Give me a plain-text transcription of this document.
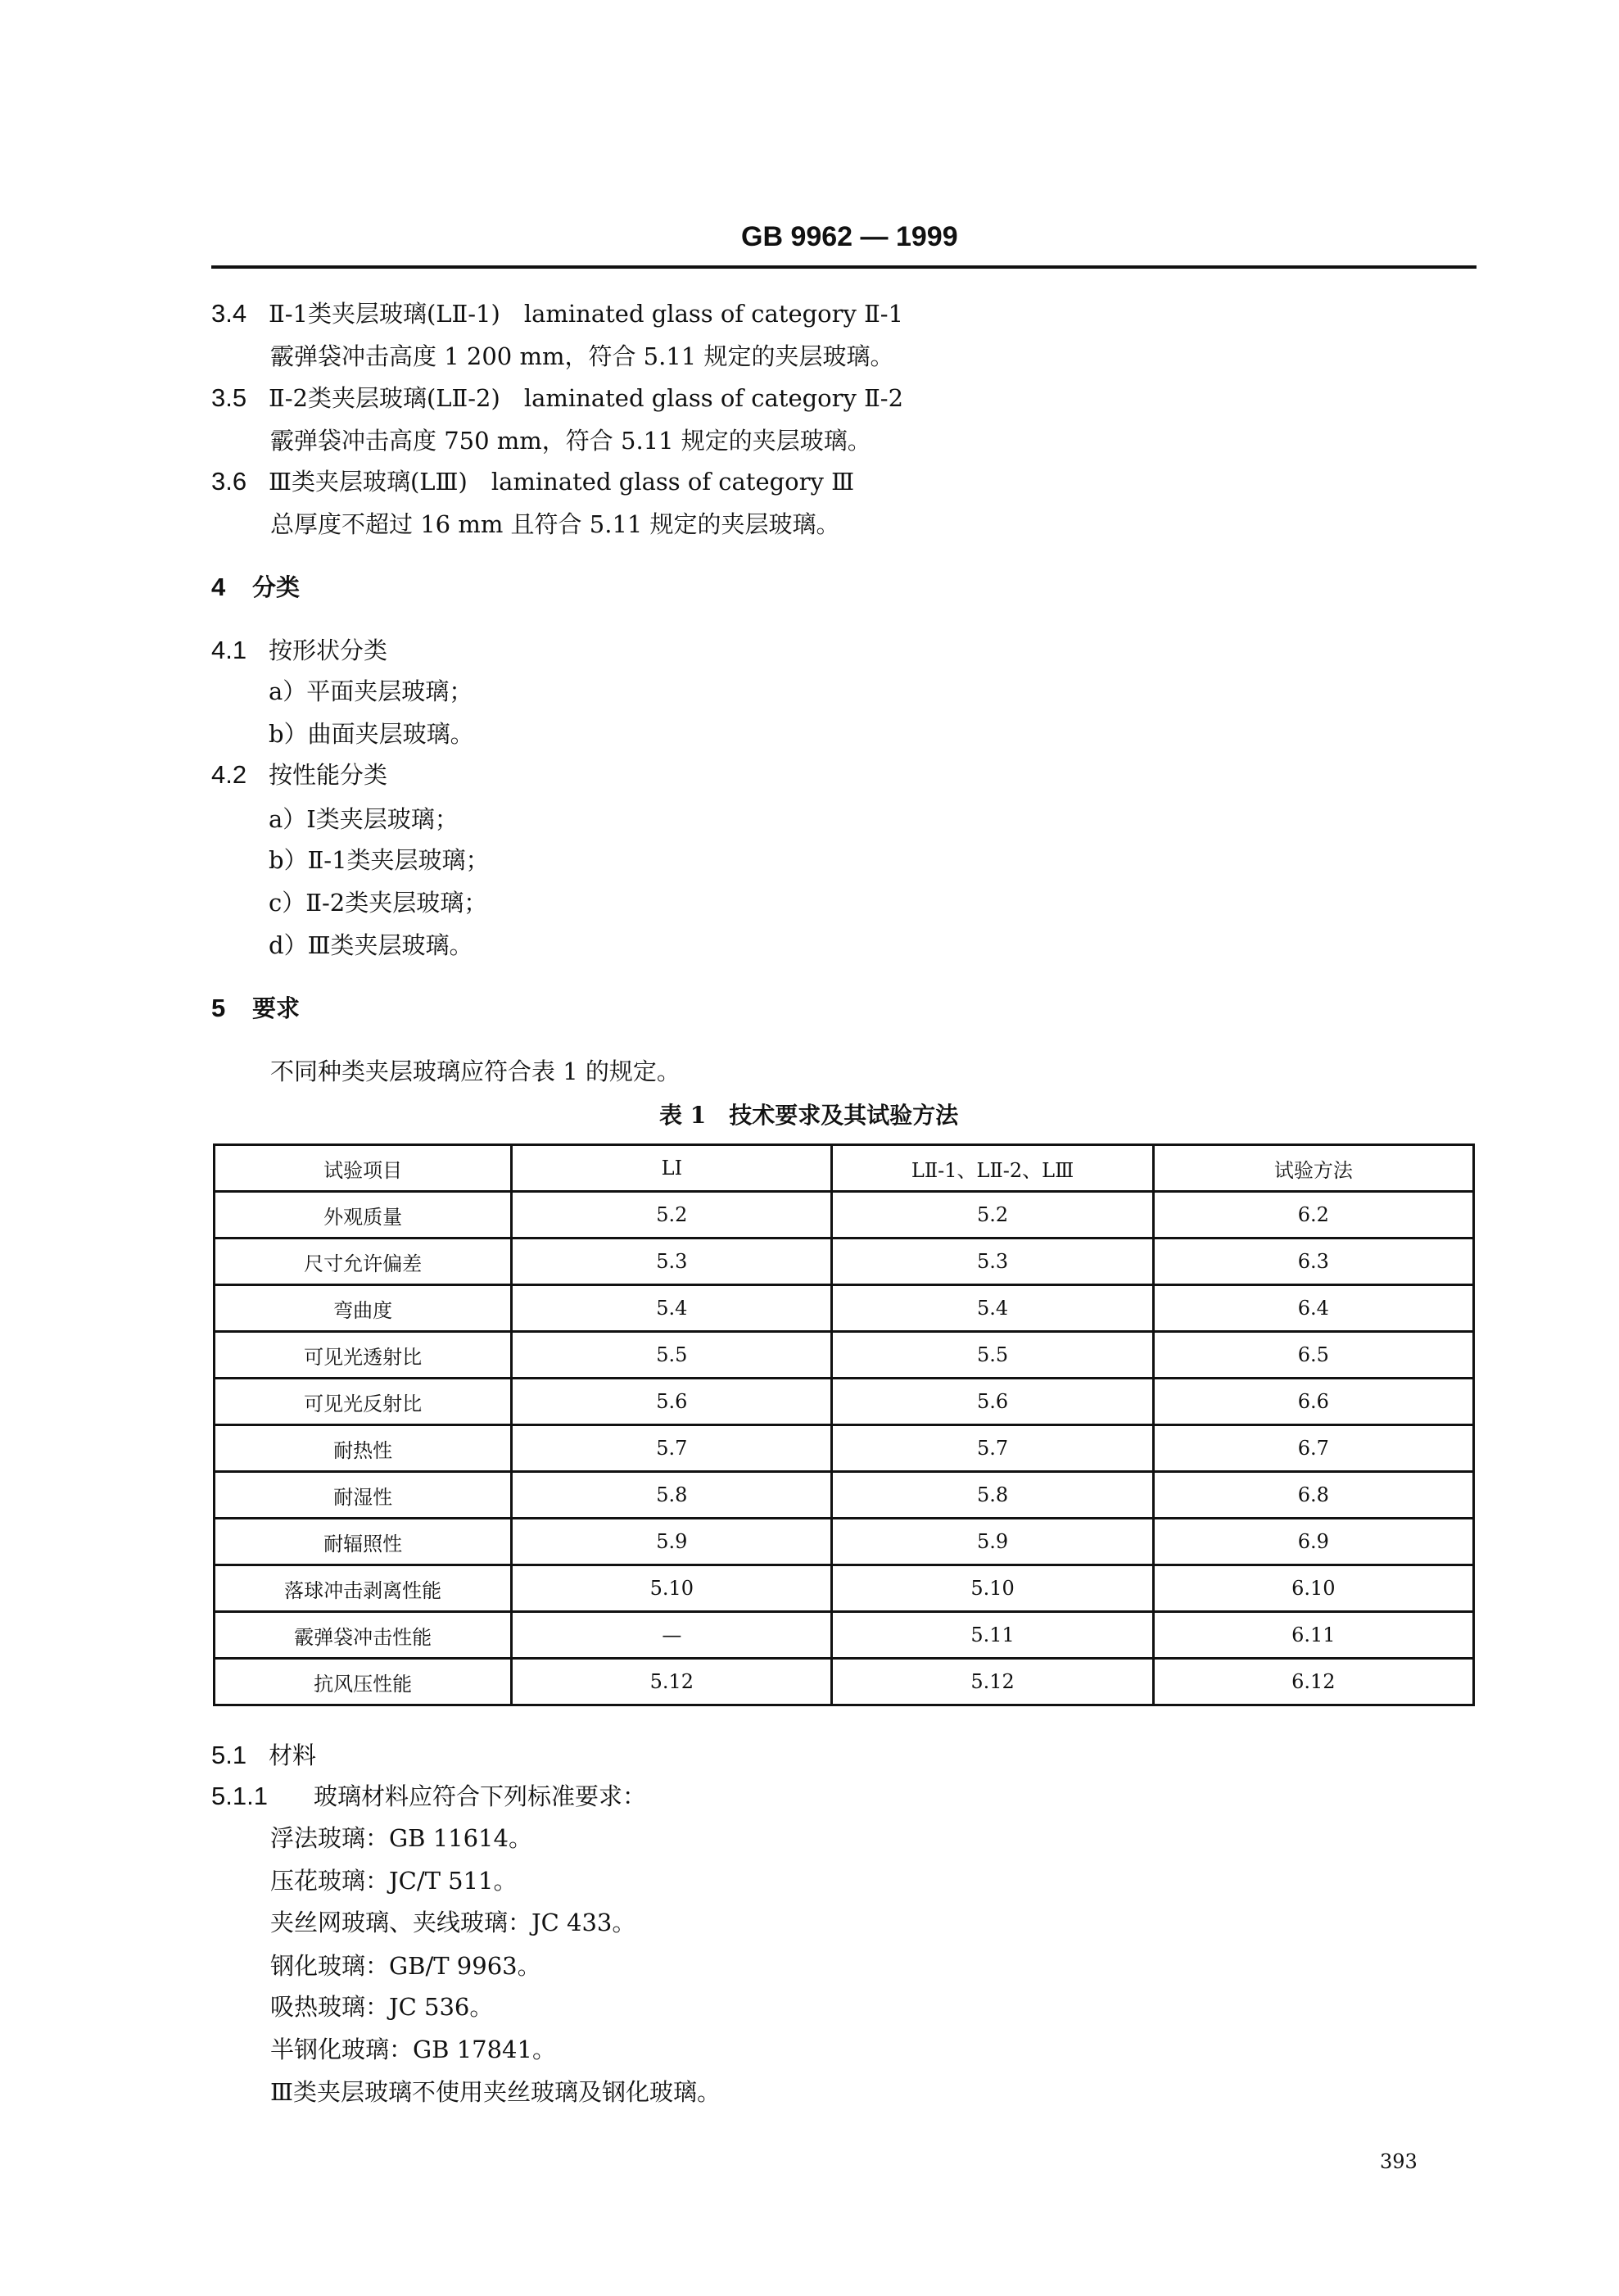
GB 9962 — 1999
3.4 Ⅱ-1类夹层玻璃(LⅡ-1)　 laminated glass of category Ⅱ-1
霰弹袋冲击高度 1 200 mm，符合 5.11 规定的夹层玻璃。
3.5 Ⅱ-2类夹层玻璃(LⅡ-2)　 laminated glass of category Ⅱ-2
霰弹袋冲击高度 750 mm，符合 5.11 规定的夹层玻璃。
3.6 Ⅲ类夹层玻璃(LⅢ)　 laminated glass of category Ⅲ
总厚度不超过 16 mm 且符合 5.11 规定的夹层玻璃。
4 分类
4.1 按形状分类
a）平面夹层玻璃；
b）曲面夹层玻璃。
4.2 按性能分类
a）Ⅰ类夹层玻璃；
b）Ⅱ-1类夹层玻璃；
c）Ⅱ-2类夹层玻璃；
d）Ⅲ类夹层玻璃。
5 要求
不同种类夹层玻璃应符合表 1 的规定。
表 1　技术要求及其试验方法
试验项目	LⅠ	LⅡ-1、LⅡ-2、LⅢ	试验方法
外观质量	5.2	5.2	6.2
尺寸允许偏差	5.3	5.3	6.3
弯曲度	5.4	5.4	6.4
可见光透射比	5.5	5.5	6.5
可见光反射比	5.6	5.6	6.6
耐热性	5.7	5.7	6.7
耐湿性	5.8	5.8	6.8
耐辐照性	5.9	5.9	6.9
落球冲击剥离性能	5.10	5.10	6.10
霰弹袋冲击性能	—	5.11	6.11
抗风压性能	5.12	5.12	6.12
5.1 材料
5.1.1 玻璃材料应符合下列标准要求：
浮法玻璃：GB 11614。
压花玻璃：JC/T 511。
夹丝网玻璃、夹线玻璃：JC 433。
钢化玻璃：GB/T 9963。
吸热玻璃：JC 536。
半钢化玻璃：GB 17841。
Ⅲ类夹层玻璃不使用夹丝玻璃及钢化玻璃。
393
